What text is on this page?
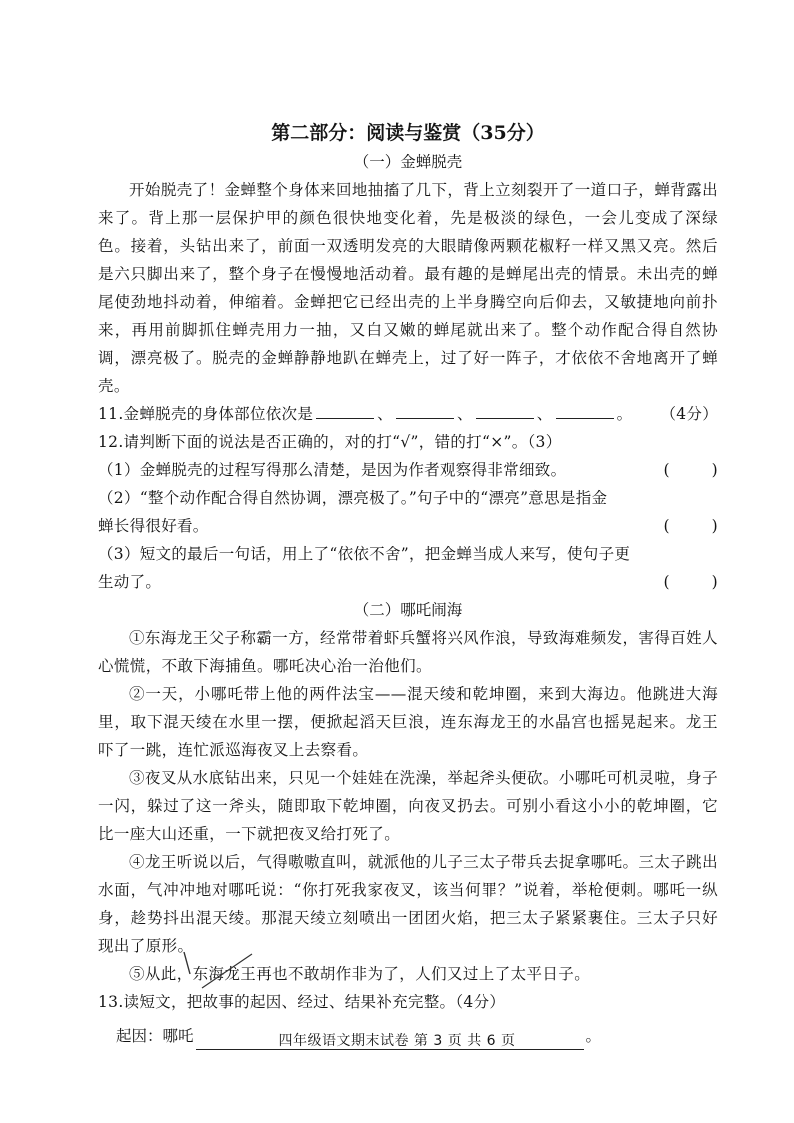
第二部分：阅读与鉴赏（35分）

（一）金蝉脱壳

开始脱壳了！金蝉整个身体来回地抽搐了几下，背上立刻裂开了一道口子，蝉背露出来了。背上那一层保护甲的颜色很快地变化着，先是极淡的绿色，一会儿变成了深绿色。接着，头钻出来了，前面一双透明发亮的大眼睛像两颗花椒籽一样又黑又亮。然后是六只脚出来了，整个身子在慢慢地活动着。最有趣的是蝉尾出壳的情景。未出壳的蝉尾使劲地抖动着，伸缩着。金蝉把它已经出壳的上半身腾空向后仰去，又敏捷地向前扑来，再用前脚抓住蝉壳用力一抽，又白又嫩的蝉尾就出来了。整个动作配合得自然协调，漂亮极了。脱壳的金蝉静静地趴在蝉壳上，过了好一阵子，才依依不舍地离开了蝉壳。

11.金蝉脱壳的身体部位依次是	、	、	、	。 （4分）

12.请判断下面的说法是否正确的，对的打“√”，错的打“×”。（3）

（1）金蝉脱壳的过程写得那么清楚，是因为作者观察得非常细致。	(        )

（2）“整个动作配合得自然协调，漂亮极了。”句子中的“漂亮”意思是指金

蝉长得很好看。	(        )

（3）短文的最后一句话，用上了“依依不舍”，把金蝉当成人来写，使句子更

生动了。	(        )

（二）哪吒闹海

①东海龙王父子称霸一方，经常带着虾兵蟹将兴风作浪，导致海难频发，害得百姓人心慌慌，不敢下海捕鱼。哪吒决心治一治他们。

②一天，小哪吒带上他的两件法宝——混天绫和乾坤圈，来到大海边。他跳进大海里，取下混天绫在水里一摆，便掀起滔天巨浪，连东海龙王的水晶宫也摇晃起来。龙王吓了一跳，连忙派巡海夜叉上去察看。

③夜叉从水底钻出来，只见一个娃娃在洗澡，举起斧头便砍。小哪吒可机灵啦，身子一闪，躲过了这一斧头，随即取下乾坤圈，向夜叉扔去。可别小看这小小的乾坤圈，它比一座大山还重，一下就把夜叉给打死了。

④龙王听说以后，气得嗷嗷直叫，就派他的儿子三太子带兵去捉拿哪吒。三太子跳出水面，气冲冲地对哪吒说：“你打死我家夜叉，该当何罪？”说着，举枪便刺。哪吒一纵身，趁势抖出混天绫。那混天绫立刻喷出一团团火焰，把三太子紧紧裹住。三太子只好现出了原形。

⑤从此，东海龙王再也不敢胡作非为了，人们又过上了太平日子。

13.读短文，把故事的起因、经过、结果补充完整。（4分）

起因：哪吒	。
四年级语文期末试卷 第 3 页 共 6 页
